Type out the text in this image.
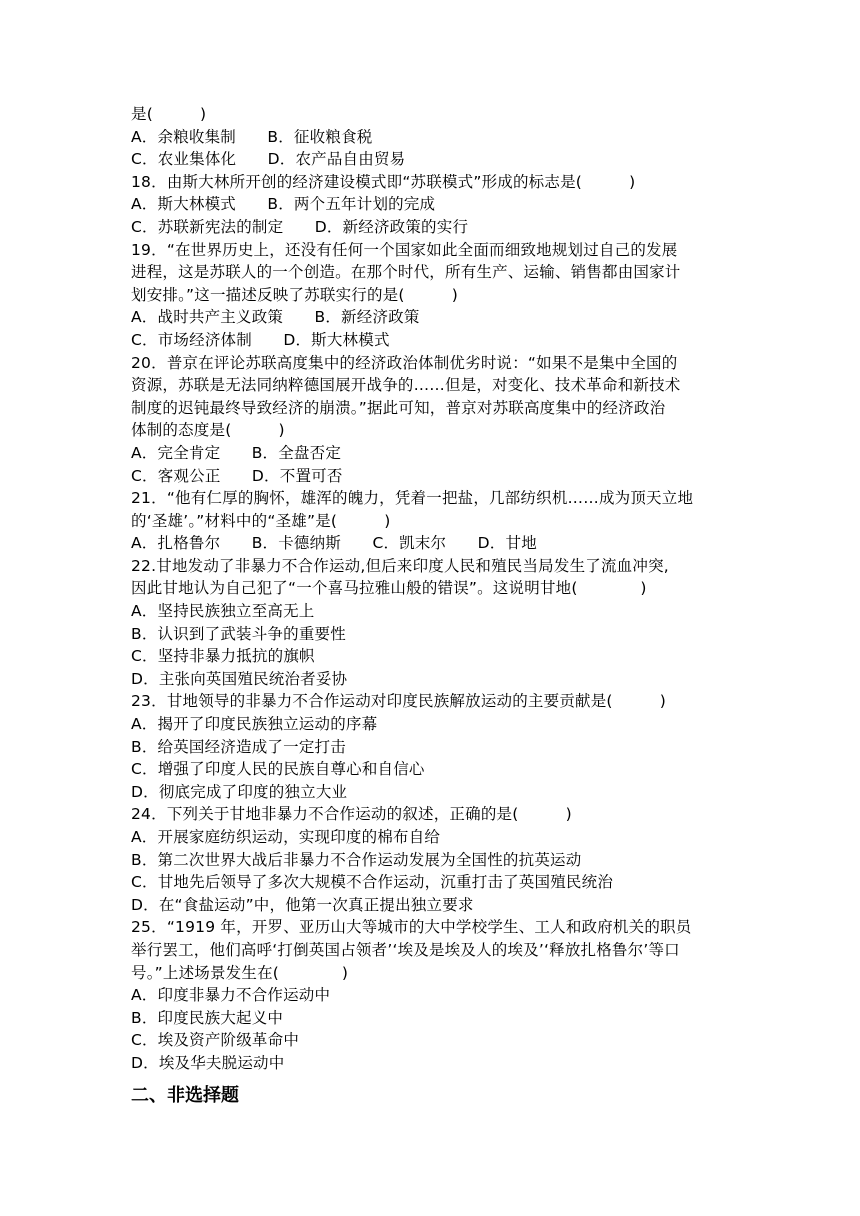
是(　　　)
A．余粮收集制　　B．征收粮食税
C．农业集体化　　D．农产品自由贸易
18．由斯大林所开创的经济建设模式即“苏联模式”形成的标志是(　　　)
A．斯大林模式　　B．两个五年计划的完成
C．苏联新宪法的制定　　D．新经济政策的实行
19．“在世界历史上，还没有任何一个国家如此全面而细致地规划过自己的发展
进程，这是苏联人的一个创造。在那个时代，所有生产、运输、销售都由国家计
划安排。”这一描述反映了苏联实行的是(　　　)
A．战时共产主义政策　　B．新经济政策
C．市场经济体制　　D．斯大林模式
20．普京在评论苏联高度集中的经济政治体制优劣时说：“如果不是集中全国的
资源，苏联是无法同纳粹德国展开战争的……但是，对变化、技术革命和新技术
制度的迟钝最终导致经济的崩溃。”据此可知，普京对苏联高度集中的经济政治
体制的态度是(　　　)
A．完全肯定　　B．全盘否定
C．客观公正　　D．不置可否
21．“他有仁厚的胸怀，雄浑的魄力，凭着一把盐，几部纺织机……成为顶天立地
的‘圣雄’。”材料中的“圣雄”是(　　　)
A．扎格鲁尔　　B．卡德纳斯　　C．凯末尔　　D．甘地
22.甘地发动了非暴力不合作运动,但后来印度人民和殖民当局发生了流血冲突,
因此甘地认为自己犯了“一个喜马拉雅山般的错误”。这说明甘地(　　　　)
A．坚持民族独立至高无上
B．认识到了武装斗争的重要性
C．坚持非暴力抵抗的旗帜
D．主张向英国殖民统治者妥协
23．甘地领导的非暴力不合作运动对印度民族解放运动的主要贡献是(　　　)
A．揭开了印度民族独立运动的序幕
B．给英国经济造成了一定打击
C．增强了印度人民的民族自尊心和自信心
D．彻底完成了印度的独立大业
24．下列关于甘地非暴力不合作运动的叙述，正确的是(　　　)
A．开展家庭纺织运动，实现印度的棉布自给
B．第二次世界大战后非暴力不合作运动发展为全国性的抗英运动
C．甘地先后领导了多次大规模不合作运动，沉重打击了英国殖民统治
D．在“食盐运动”中，他第一次真正提出独立要求
25．“1919 年，开罗、亚历山大等城市的大中学校学生、工人和政府机关的职员
举行罢工，他们高呼‘打倒英国占领者’‘埃及是埃及人的埃及’‘释放扎格鲁尔’等口
号。”上述场景发生在(　　　　)
A．印度非暴力不合作运动中
B．印度民族大起义中
C．埃及资产阶级革命中
D．埃及华夫脱运动中
二、非选择题
